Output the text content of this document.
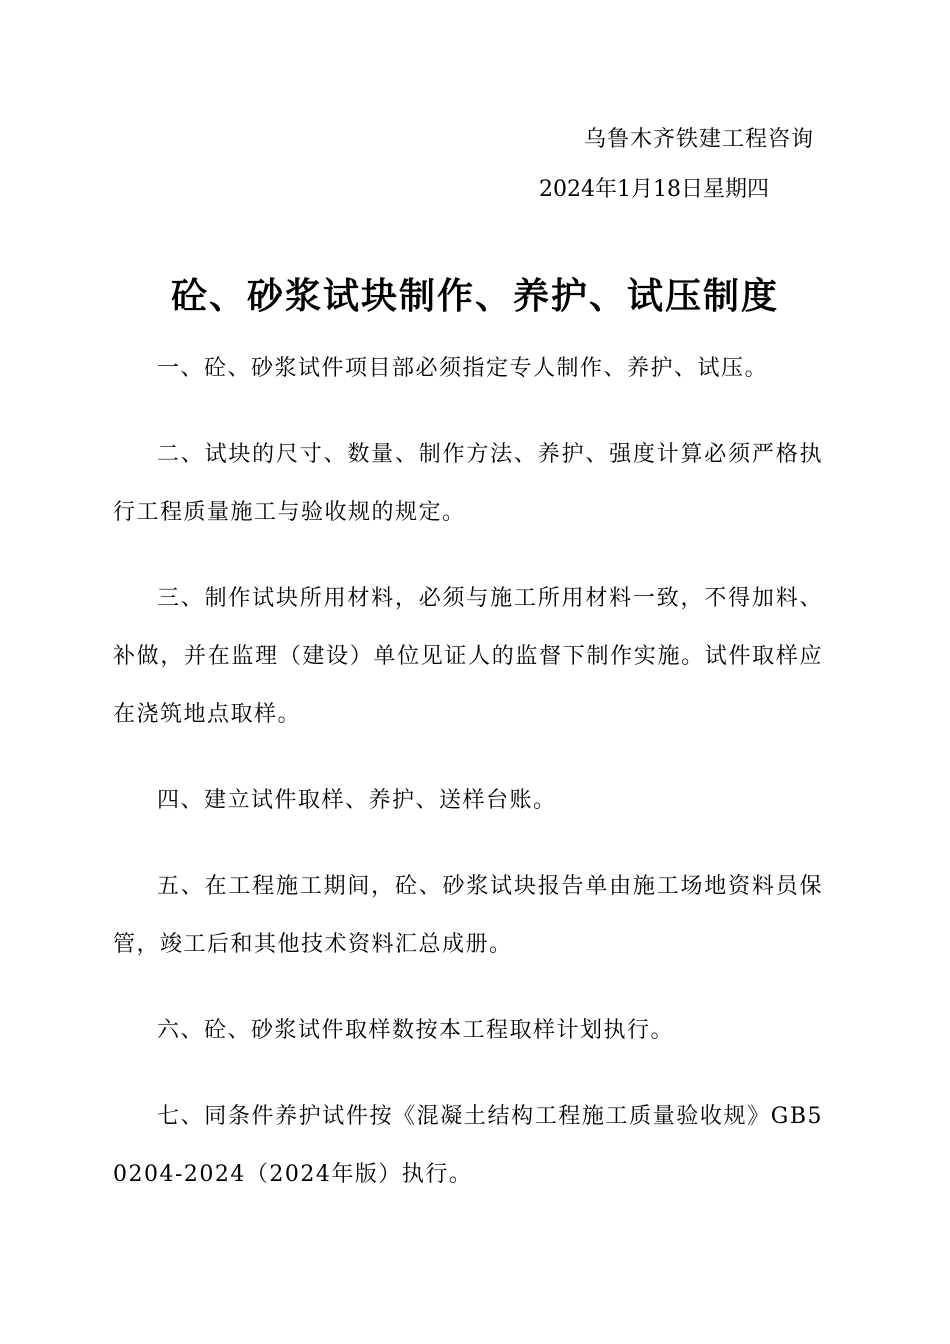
乌鲁木齐铁建工程咨询
2024年1月18日星期四
砼、砂浆试块制作、养护、试压制度

一、砼、砂浆试件项目部必须指定专人制作、养护、试压。

二、试块的尺寸、数量、制作方法、养护、强度计算必须严格执行工程质量施工与验收规的规定。

三、制作试块所用材料，必须与施工所用材料一致，不得加料、补做，并在监理（建设）单位见证人的监督下制作实施。试件取样应在浇筑地点取样。

四、建立试件取样、养护、送样台账。

五、在工程施工期间，砼、砂浆试块报告单由施工场地资料员保管，竣工后和其他技术资料汇总成册。

六、砼、砂浆试件取样数按本工程取样计划执行。

七、同条件养护试件按《混凝土结构工程施工质量验收规》GB50204-2024（2024年版）执行。
